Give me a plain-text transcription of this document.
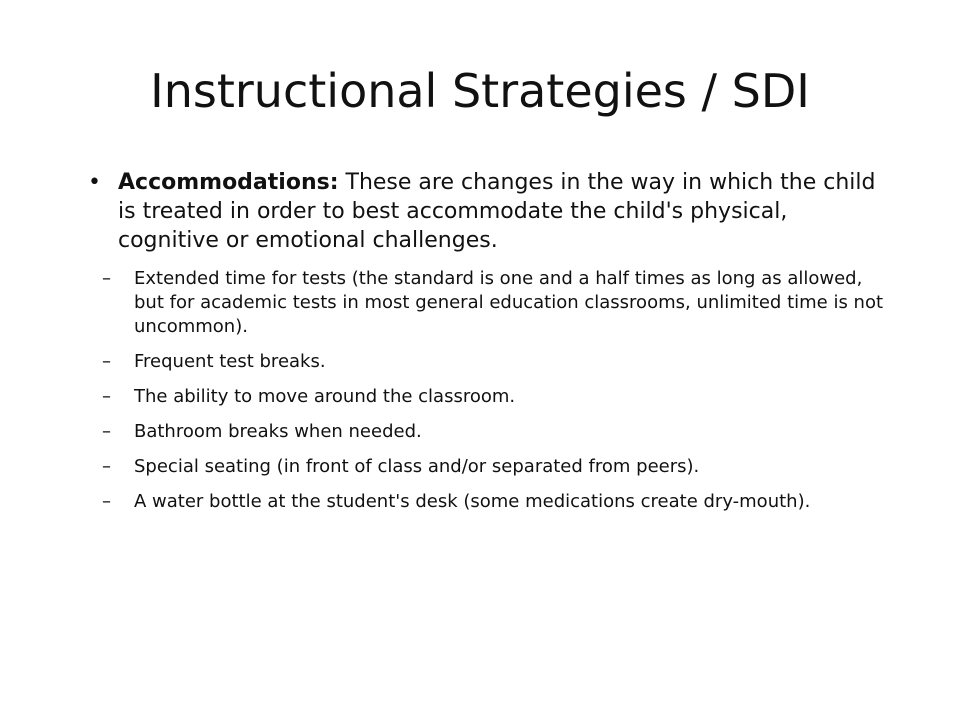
Instructional Strategies / SDI
• Accommodations: These are changes in the way in which the child is treated in order to best accommodate the child's physical, cognitive or emotional challenges.
– Extended time for tests (the standard is one and a half times as long as allowed, but for academic tests in most general education classrooms, unlimited time is not uncommon).
– Frequent test breaks.
– The ability to move around the classroom.
– Bathroom breaks when needed.
– Special seating (in front of class and/or separated from peers).
– A water bottle at the student's desk (some medications create dry-mouth).
